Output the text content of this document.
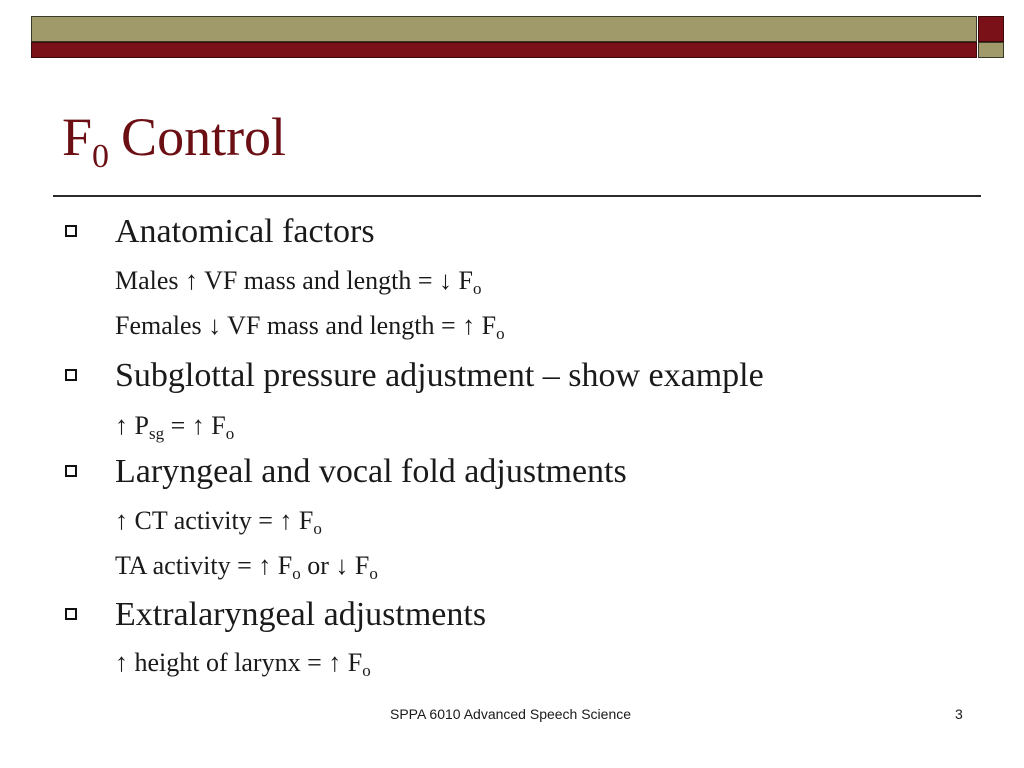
$F_0$ Control
Anatomical factors
Males ↑ VF mass and length = ↓ $F_o$
Females ↓ VF mass and length = ↑ $F_o$
Subglottal pressure adjustment – show example
↑ $P_{sg}$ = ↑ $F_o$
Laryngeal and vocal fold adjustments
↑ CT activity = ↑ $F_o$
TA activity = ↑ $F_o$ or ↓ $F_o$
Extralaryngeal adjustments
↑ height of larynx = ↑ $F_o$
SPPA 6010 Advanced Speech Science	3
